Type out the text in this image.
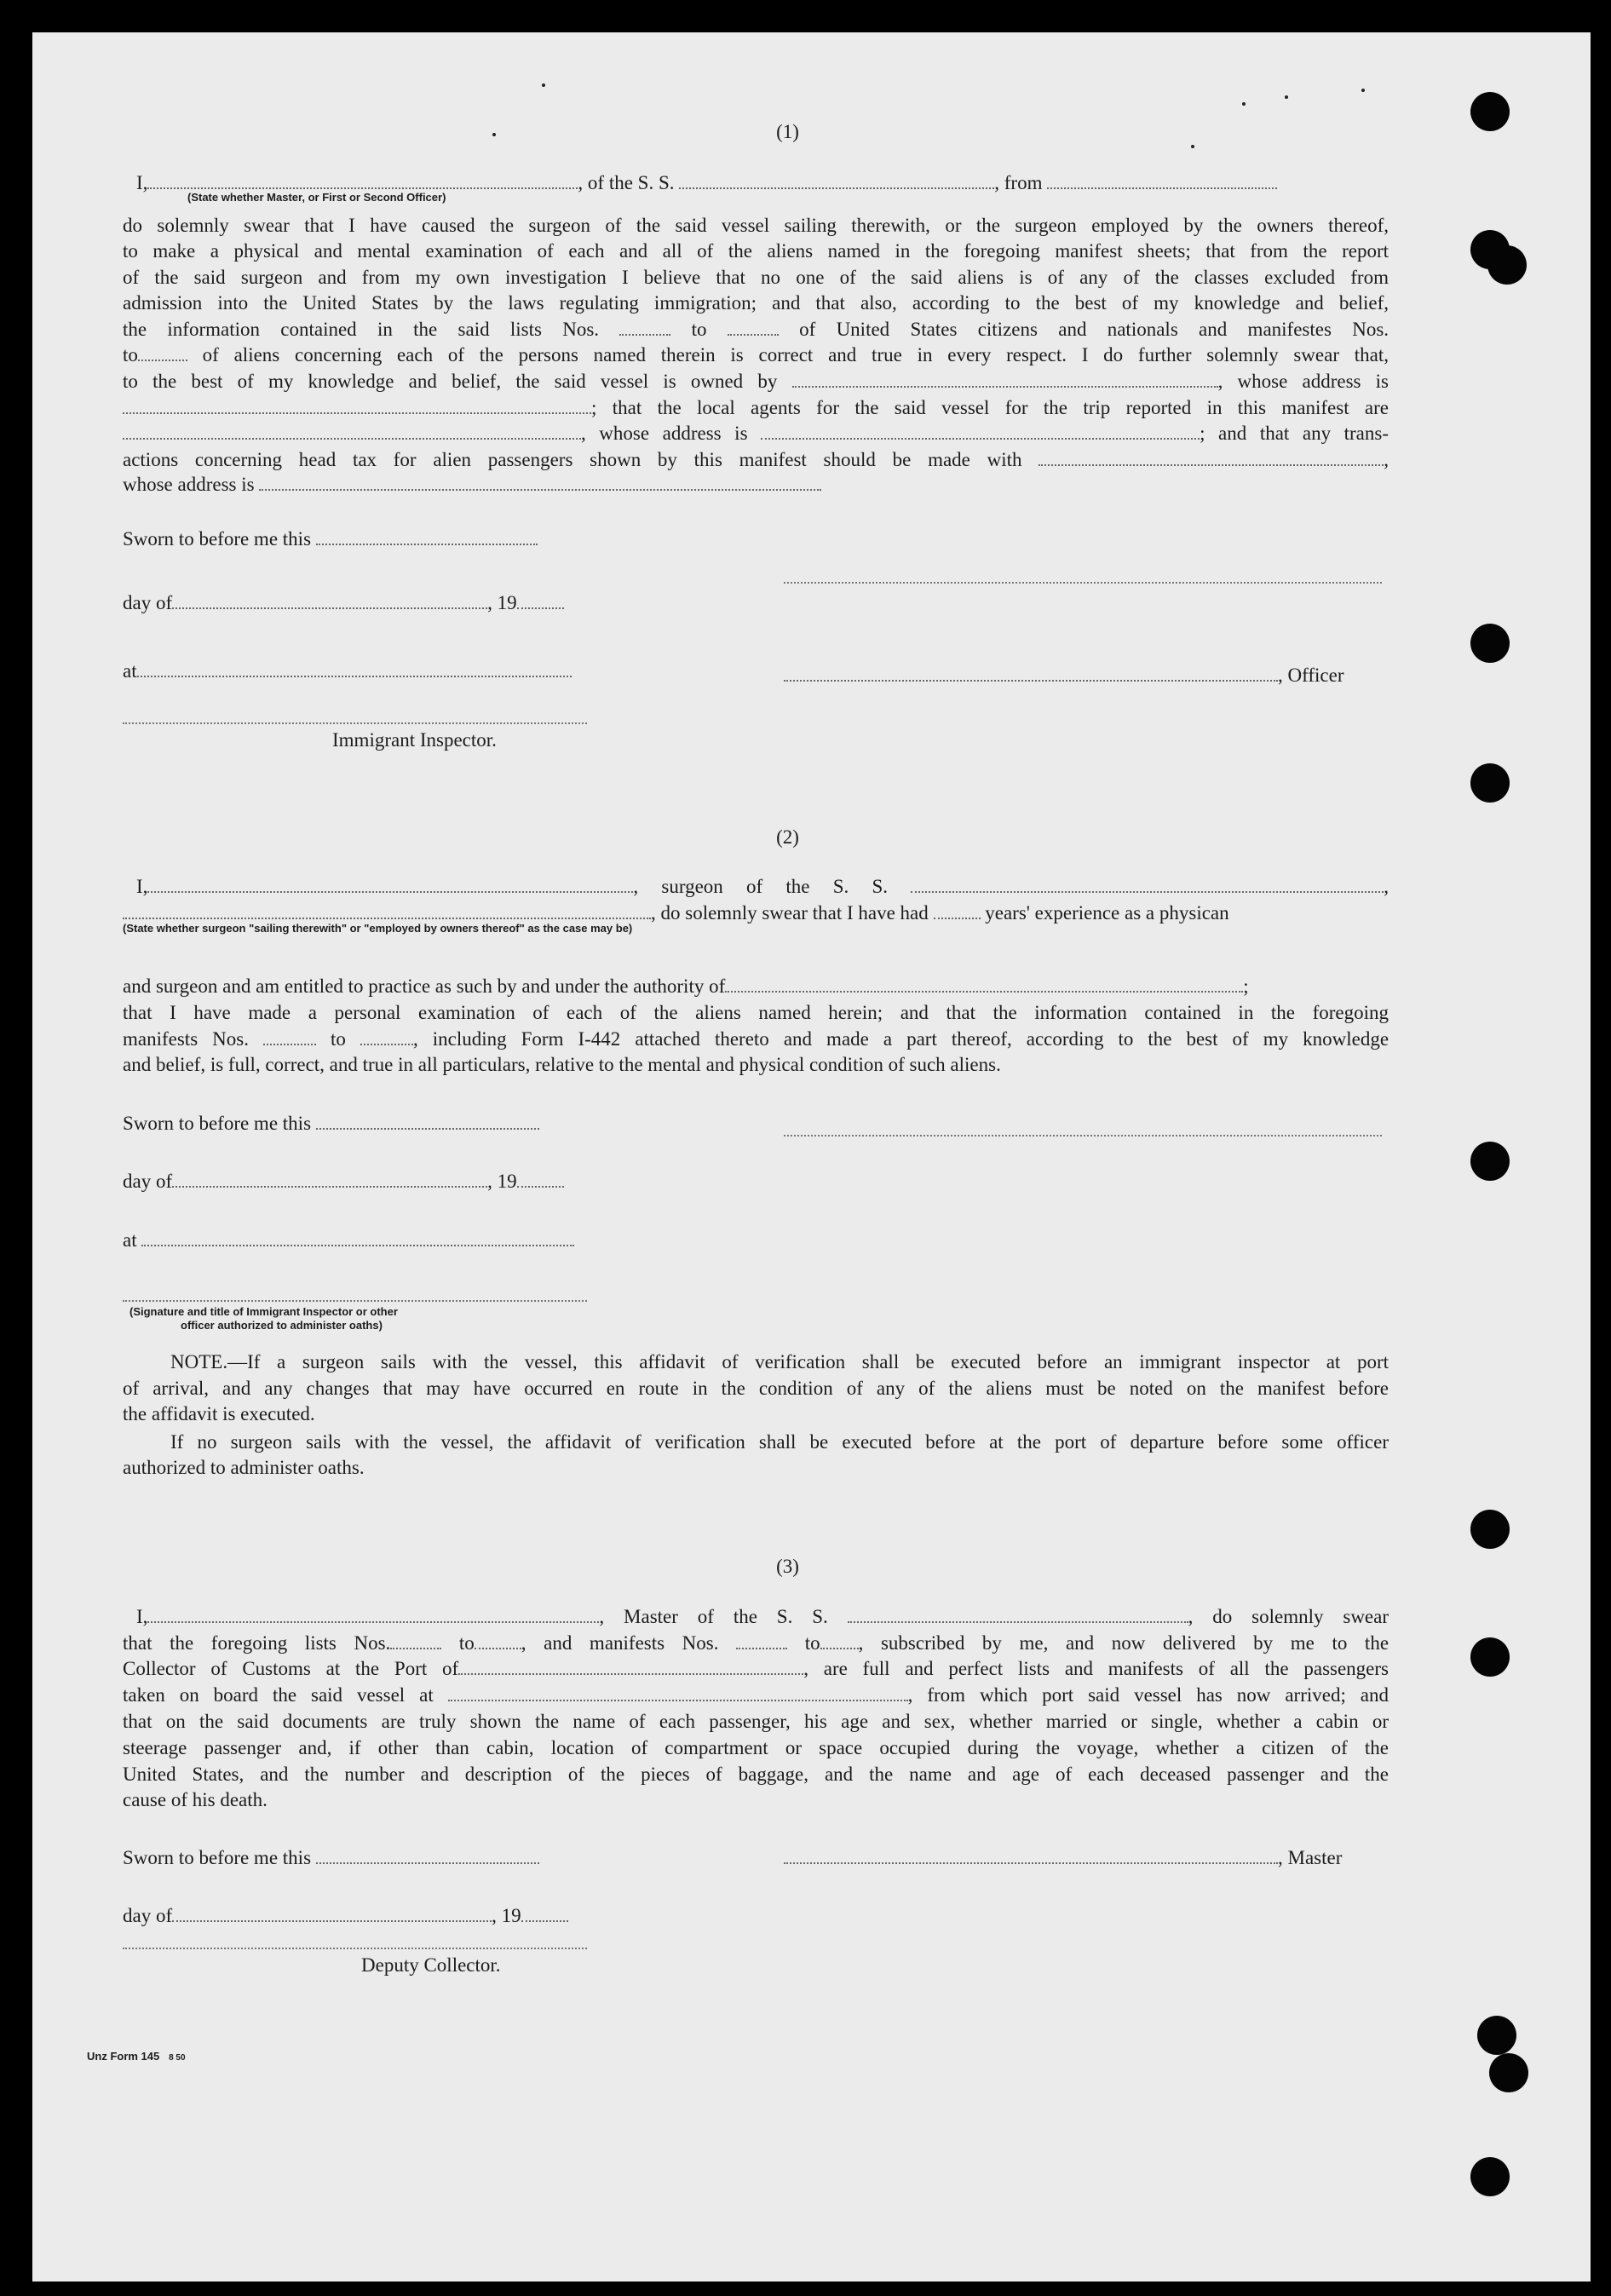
(1)
I,	, of the S. S.	, from
(State whether Master, or First or Second Officer)
do solemnly swear that I have caused the surgeon of the said vessel sailing therewith, or the surgeon employed by the owners thereof,
to make a physical and mental examination of each and all of the aliens named in the foregoing manifest sheets; that from the report
of the said surgeon and from my own investigation I believe that no one of the said aliens is of any of the classes excluded from
admission into the United States by the laws regulating immigration; and that also, according to the best of my knowledge and belief,
the information contained in the said lists Nos.	to	of United States citizens and nationals and manifestes Nos.
to	of aliens concerning each of the persons named therein is correct and true in every respect. I do further solemnly swear that,
to the best of my knowledge and belief, the said vessel is owned by	, whose address is
; that the local agents for the said vessel for the trip reported in this manifest are
, whose address is	; and that any trans-
actions concerning head tax for alien passengers shown by this manifest should be made with	,
whose address is
Sworn to before me this
day of	, 19
at	, Officer
Immigrant Inspector.
(2)
I,	, surgeon of the S. S.	,
, do solemnly swear that I have had	years' experience as a physican
(State whether surgeon "sailing therewith" or "employed by owners thereof" as the case may be)
and surgeon and am entitled to practice as such by and under the authority of	;
that I have made a personal examination of each of the aliens named herein; and that the information contained in the foregoing
manifests Nos.	to	, including Form I-442 attached thereto and made a part thereof, according to the best of my knowledge
and belief, is full, correct, and true in all particulars, relative to the mental and physical condition of such aliens.
Sworn to before me this
day of	, 19
at
(Signature and title of Immigrant Inspector or other
officer authorized to administer oaths)
NOTE.—If a surgeon sails with the vessel, this affidavit of verification shall be executed before an immigrant inspector at port
of arrival, and any changes that may have occurred en route in the condition of any of the aliens must be noted on the manifest before
the affidavit is executed.
If no surgeon sails with the vessel, the affidavit of verification shall be executed before at the port of departure before some officer
authorized to administer oaths.
(3)
I,	, Master of the S. S.	, do solemnly swear
that the foregoing lists Nos.	to , and manifests Nos.	to , subscribed by me, and now delivered by me to the
Collector of Customs at the Port of	, are full and perfect lists and manifests of all the passengers
taken on board the said vessel at	, from which port said vessel has now arrived; and
that on the said documents are truly shown the name of each passenger, his age and sex, whether married or single, whether a cabin or
steerage passenger and, if other than cabin, location of compartment or space occupied during the voyage, whether a citizen of the
United States, and the number and description of the pieces of baggage, and the name and age of each deceased passenger and the
cause of his death.
Sworn to before me this	, Master
day of	, 19
Deputy Collector.
Unz Form 145 8 50
